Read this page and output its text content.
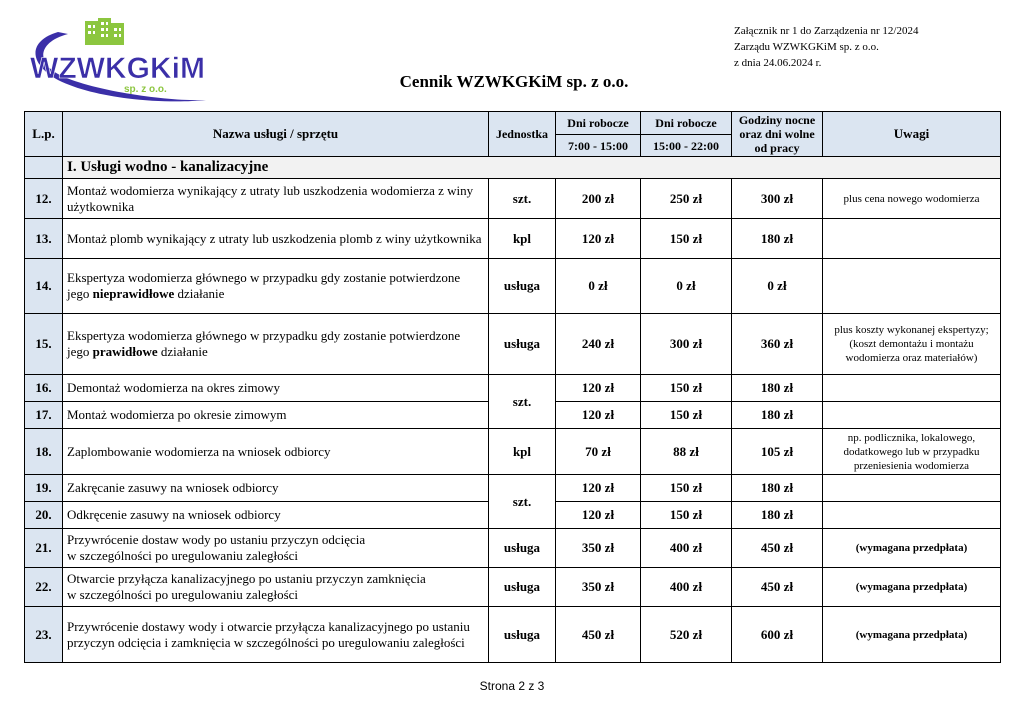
WZWKGKiM
sp. z o.o.
Załącznik nr 1 do Zarządzenia nr 12/2024
Zarządu WZWKGKiM sp. z o.o.
z dnia 24.06.2024 r.
Cennik WZWKGKiM sp. z o.o.
L.p.	Nazwa usługi / sprzętu	Jednostka	Dni robocze	Dni robocze	Godziny nocne oraz dni wolne od pracy	Uwagi
			7:00 - 15:00	15:00 - 22:00		
	I. Usługi wodno - kanalizacyjne					
12.	Montaż wodomierza wynikający z utraty lub uszkodzenia wodomierza z winy użytkownika	szt.	200 zł	250 zł	300 zł	plus cena nowego wodomierza
13.	Montaż plomb wynikający z utraty lub uszkodzenia plomb z winy użytkownika	kpl	120 zł	150 zł	180 zł	
14.	Ekspertyza wodomierza głównego w przypadku gdy zostanie potwierdzone jego nieprawidłowe działanie	usługa	0 zł	0 zł	0 zł	
15.	Ekspertyza wodomierza głównego w przypadku gdy zostanie potwierdzone jego prawidłowe działanie	usługa	240 zł	300 zł	360 zł	plus koszty wykonanej ekspertyzy; (koszt demontażu i montażu wodomierza oraz materiałów)
16.	Demontaż wodomierza na okres zimowy	szt.	120 zł	150 zł	180 zł	
17.	Montaż wodomierza po okresie zimowym		120 zł	150 zł	180 zł	
18.	Zaplombowanie wodomierza na wniosek odbiorcy	kpl	70 zł	88 zł	105 zł	np. podlicznika, lokalowego, dodatkowego lub w przypadku przeniesienia wodomierza
19.	Zakręcanie zasuwy na wniosek odbiorcy	szt.	120 zł	150 zł	180 zł	
20.	Odkręcenie zasuwy na wniosek odbiorcy		120 zł	150 zł	180 zł	
21.	Przywrócenie dostaw wody po ustaniu przyczyn odcięcia
w szczególności po uregulowaniu zaległości	usługa	350 zł	400 zł	450 zł	(wymagana przedpłata)
22.	Otwarcie przyłącza kanalizacyjnego po ustaniu przyczyn zamknięcia
w szczególności po uregulowaniu zaległości	usługa	350 zł	400 zł	450 zł	(wymagana przedpłata)
23.	Przywrócenie dostawy wody i otwarcie przyłącza kanalizacyjnego po ustaniu przyczyn odcięcia i zamknięcia w szczególności po uregulowaniu zaległości	usługa	450 zł	520 zł	600 zł	(wymagana przedpłata)
Strona 2 z 3
